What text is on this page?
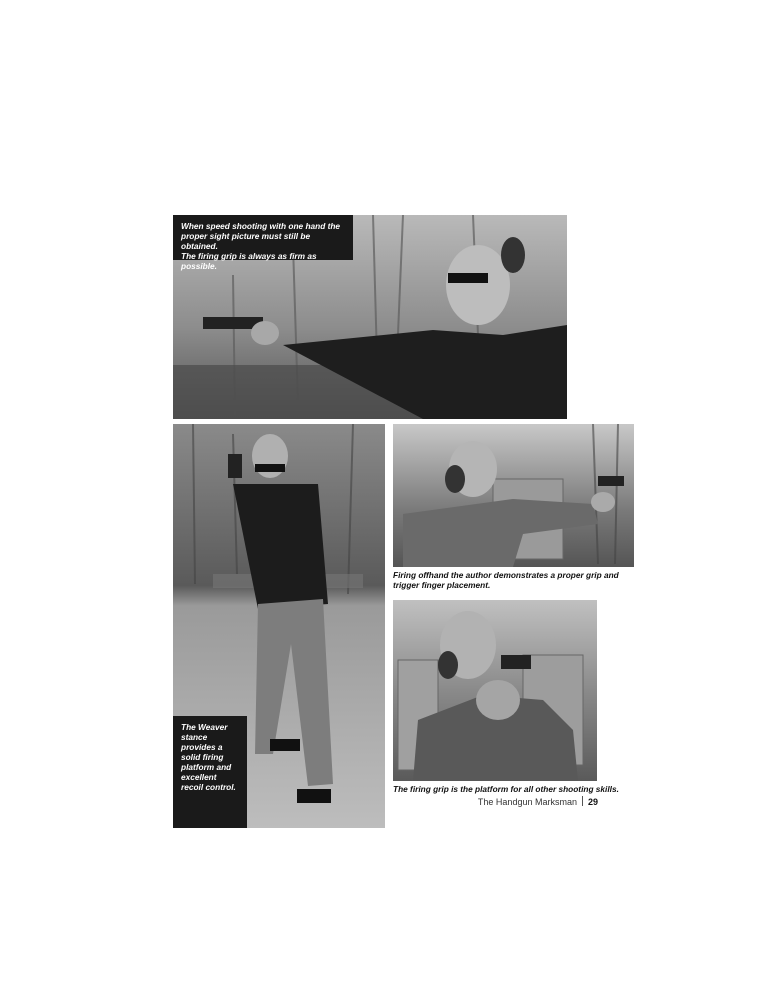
When speed shooting with one hand the
proper sight picture must still be obtained.
The firing grip is always as firm as possible.
The Weaver
stance
provides a
solid firing
platform and
excellent
recoil control.
Firing offhand the author demonstrates a proper grip and
trigger finger placement.
The firing grip is the platform for all other shooting skills.
The Handgun Marksman 29
